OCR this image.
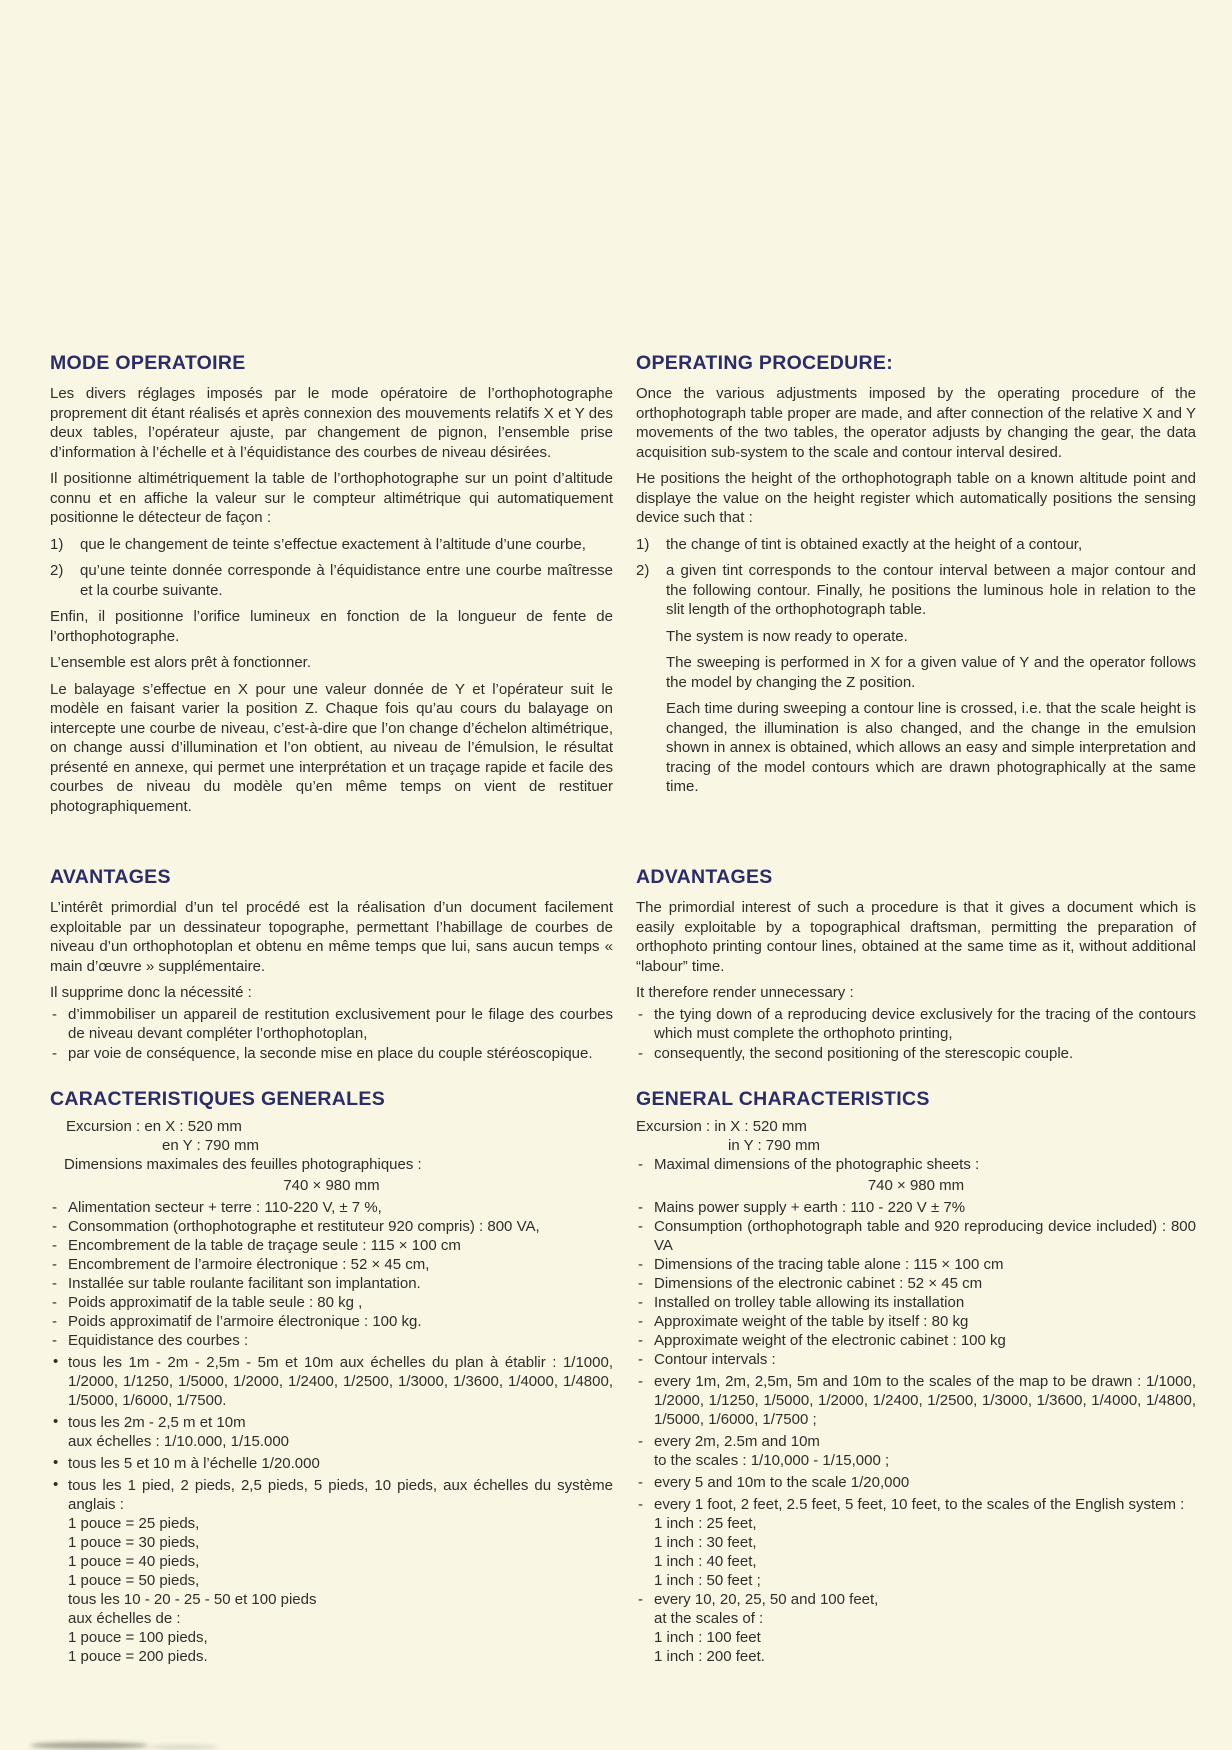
MODE OPERATOIRE

Les divers réglages imposés par le mode opératoire de l’orthophotographe proprement dit étant réalisés et après connexion des mouvements relatifs X et Y des deux tables, l’opérateur ajuste, par changement de pignon, l’ensemble prise d’information à l’échelle et à l’équidistance des courbes de niveau désirées.

Il positionne altimétriquement la table de l’orthophotographe sur un point d’altitude connu et en affiche la valeur sur le compteur altimétrique qui automatiquement positionne le détecteur de façon :

1) que le changement de teinte s’effectue exactement à l’altitude d’une courbe,
2) qu’une teinte donnée corresponde à l’équidistance entre une courbe maîtresse et la courbe suivante.

Enfin, il positionne l’orifice lumineux en fonction de la longueur de fente de l’orthophotographe.

L’ensemble est alors prêt à fonctionner.

Le balayage s’effectue en X pour une valeur donnée de Y et l’opérateur suit le modèle en faisant varier la position Z. Chaque fois qu’au cours du balayage on intercepte une courbe de niveau, c’est-à-dire que l’on change d’échelon altimétrique, on change aussi d’illumination et l’on obtient, au niveau de l’émulsion, le résultat présenté en annexe, qui permet une interprétation et un traçage rapide et facile des courbes de niveau du modèle qu’en même temps on vient de restituer photographiquement.

AVANTAGES

L’intérêt primordial d’un tel procédé est la réalisation d’un document facilement exploitable par un dessinateur topographe, permettant l’habillage de courbes de niveau d’un orthophotoplan et obtenu en même temps que lui, sans aucun temps « main d’œuvre » supplémentaire.

Il supprime donc la nécessité :

- d’immobiliser un appareil de restitution exclusivement pour le filage des courbes de niveau devant compléter l’orthophotoplan,
- par voie de conséquence, la seconde mise en place du couple stéréoscopique.
CARACTERISTIQUES GENERALES
Excursion : en X : 520 mm
en Y : 790 mm
Dimensions maximales des feuilles photographiques :
740 × 980 mm
- Alimentation secteur + terre : 110-220 V, ± 7 %,
- Consommation (orthophotographe et restituteur 920 compris) : 800 VA,
- Encombrement de la table de traçage seule : 115 × 100 cm
- Encombrement de l’armoire électronique : 52 × 45 cm,
- Installée sur table roulante facilitant son implantation.
- Poids approximatif de la table seule : 80 kg ,
- Poids approximatif de l’armoire électronique : 100 kg.
- Equidistance des courbes :
• tous les 1m - 2m - 2,5m - 5m et 10m aux échelles du plan à établir : 1/1000, 1/2000, 1/1250, 1/5000, 1/2000, 1/2400, 1/2500, 1/3000, 1/3600, 1/4000, 1/4800, 1/5000, 1/6000, 1/7500.
• tous les 2m - 2,5 m et 10m
aux échelles : 1/10.000, 1/15.000
• tous les 5 et 10 m à l’échelle 1/20.000
• tous les 1 pied, 2 pieds, 2,5 pieds, 5 pieds, 10 pieds, aux échelles du système anglais :
1 pouce = 25 pieds,
1 pouce = 30 pieds,
1 pouce = 40 pieds,
1 pouce = 50 pieds,
tous les 10 - 20 - 25 - 50 et 100 pieds
aux échelles de :
1 pouce = 100 pieds,
1 pouce = 200 pieds.
OPERATING PROCEDURE:

Once the various adjustments imposed by the operating procedure of the orthophotograph table proper are made, and after connection of the relative X and Y movements of the two tables, the operator adjusts by changing the gear, the data acquisition sub-system to the scale and contour interval desired.

He positions the height of the orthophotograph table on a known altitude point and displaye the value on the height register which automatically positions the sensing device such that :

1) the change of tint is obtained exactly at the height of a contour,
2) a given tint corresponds to the contour interval between a major contour and the following contour. Finally, he positions the luminous hole in relation to the slit length of the orthophotograph table.

The system is now ready to operate.

The sweeping is performed in X for a given value of Y and the operator follows the model by changing the Z position.

Each time during sweeping a contour line is crossed, i.e. that the scale height is changed, the illumination is also changed, and the change in the emulsion shown in annex is obtained, which allows an easy and simple interpretation and tracing of the model contours which are drawn photographically at the same time.

ADVANTAGES

The primordial interest of such a procedure is that it gives a document which is easily exploitable by a topographical draftsman, permitting the preparation of orthophoto printing contour lines, obtained at the same time as it, without additional “labour” time.

It therefore render unnecessary :

- the tying down of a reproducing device exclusively for the tracing of the contours which must complete the orthophoto printing,
- consequently, the second positioning of the sterescopic couple.
GENERAL CHARACTERISTICS
Excursion : in X : 520 mm
in Y : 790 mm
- Maximal dimensions of the photographic sheets :
740 × 980 mm
- Mains power supply + earth : 110 - 220 V ± 7%
- Consumption (orthophotograph table and 920 reproducing device included) : 800 VA
- Dimensions of the tracing table alone : 115 × 100 cm
- Dimensions of the electronic cabinet : 52 × 45 cm
- Installed on trolley table allowing its installation
- Approximate weight of the table by itself : 80 kg
- Approximate weight of the electronic cabinet : 100 kg
- Contour intervals :
- every 1m, 2m, 2,5m, 5m and 10m to the scales of the map to be drawn : 1/1000, 1/2000, 1/1250, 1/5000, 1/2000, 1/2400, 1/2500, 1/3000, 1/3600, 1/4000, 1/4800, 1/5000, 1/6000, 1/7500 ;
- every 2m, 2.5m and 10m
to the scales : 1/10,000 - 1/15,000 ;
- every 5 and 10m to the scale 1/20,000
- every 1 foot, 2 feet, 2.5 feet, 5 feet, 10 feet, to the scales of the English system :
1 inch : 25 feet,
1 inch : 30 feet,
1 inch : 40 feet,
1 inch : 50 feet ;
- every 10, 20, 25, 50 and 100 feet,
at the scales of :
1 inch : 100 feet
1 inch : 200 feet.
